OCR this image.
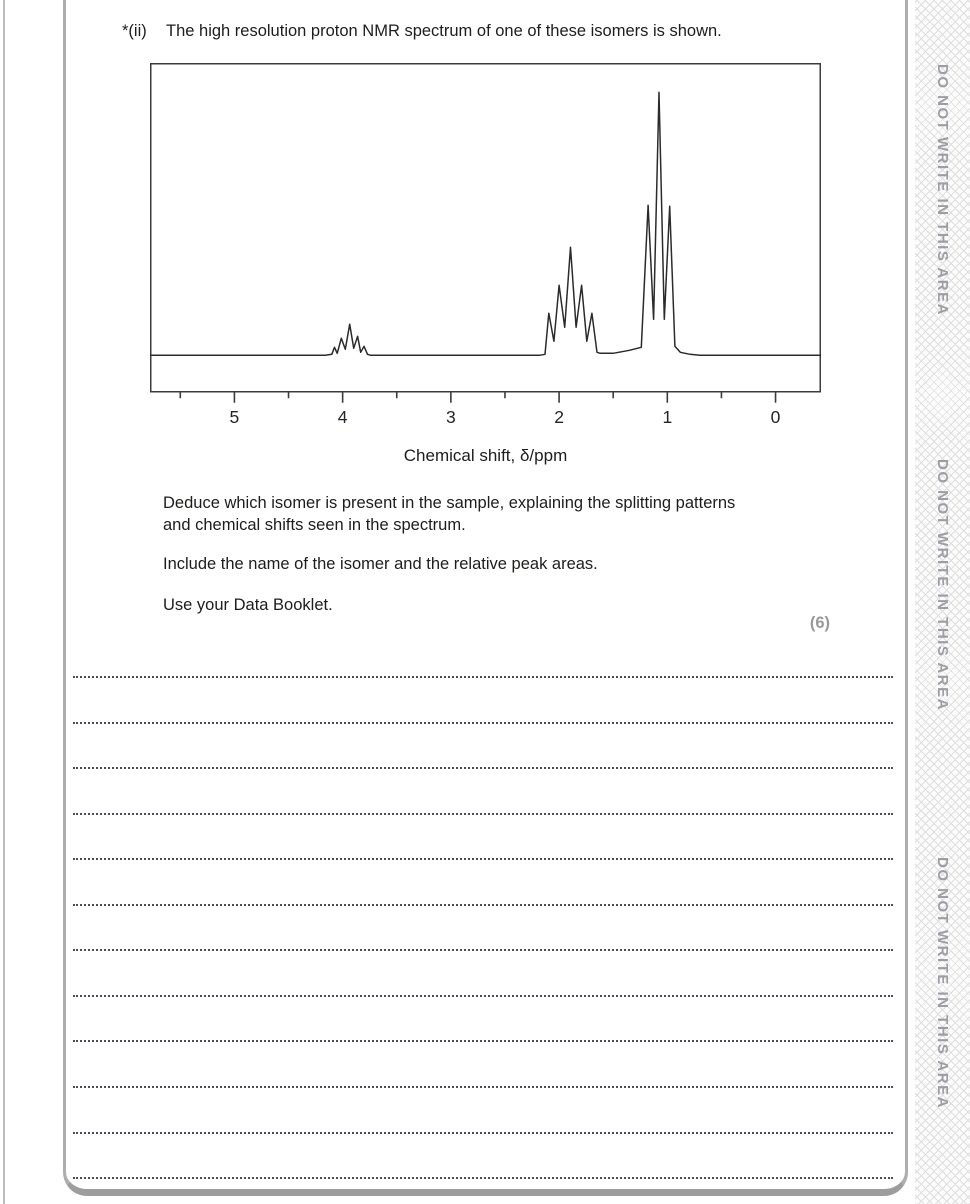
*(ii)	The high resolution proton NMR spectrum of one of these isomers is shown.
5	4	3	2	1	0
Chemical shift, δ/ppm
Deduce which isomer is present in the sample, explaining the splitting patterns and chemical shifts seen in the spectrum.
Include the name of the isomer and the relative peak areas.
Use your Data Booklet.
(6)
DO NOT WRITE IN THIS AREA
DO NOT WRITE IN THIS AREA
DO NOT WRITE IN THIS AREA
